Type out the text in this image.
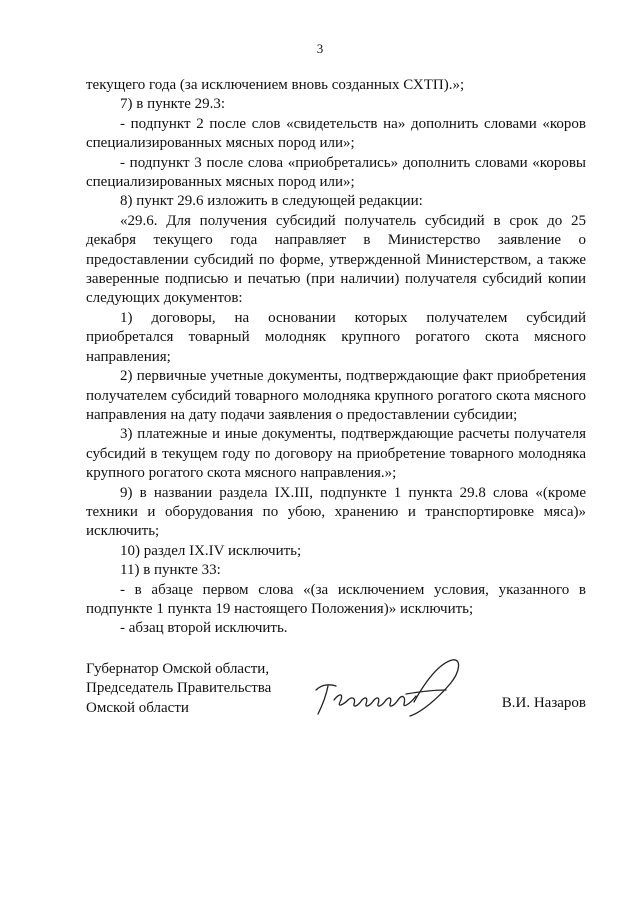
3

текущего года (за исключением вновь созданных СХТП).»;

7) в пункте 29.3:

- подпункт 2 после слов «свидетельств на» дополнить словами «коров специализированных мясных пород или»;

- подпункт 3 после слова «приобретались» дополнить словами «коровы специализированных мясных пород или»;

8) пункт 29.6 изложить в следующей редакции:

«29.6. Для получения субсидий получатель субсидий в срок до 25 декабря текущего года направляет в Министерство заявление о предоставлении субсидий по форме, утвержденной Министерством, а также заверенные подписью и печатью (при наличии) получателя субсидий копии следующих документов:

1) договоры, на основании которых получателем субсидий приобретался товарный молодняк крупного рогатого скота мясного направления;

2) первичные учетные документы, подтверждающие факт приобретения получателем субсидий товарного молодняка крупного рогатого скота мясного направления на дату подачи заявления о предоставлении субсидии;

3) платежные и иные документы, подтверждающие расчеты получателя субсидий в текущем году по договору на приобретение товарного молодняка крупного рогатого скота мясного направления.»;

9) в названии раздела IX.III, подпункте 1 пункта 29.8 слова «(кроме техники и оборудования по убою, хранению и транспортировке мяса)» исключить;

10) раздел IX.IV исключить;

11) в пункте 33:

- в абзаце первом слова «(за исключением условия, указанного в подпункте 1 пункта 19 настоящего Положения)» исключить;

- абзац второй исключить.

Губернатор Омской области,
Председатель Правительства
Омской области	В.И. Назаров
